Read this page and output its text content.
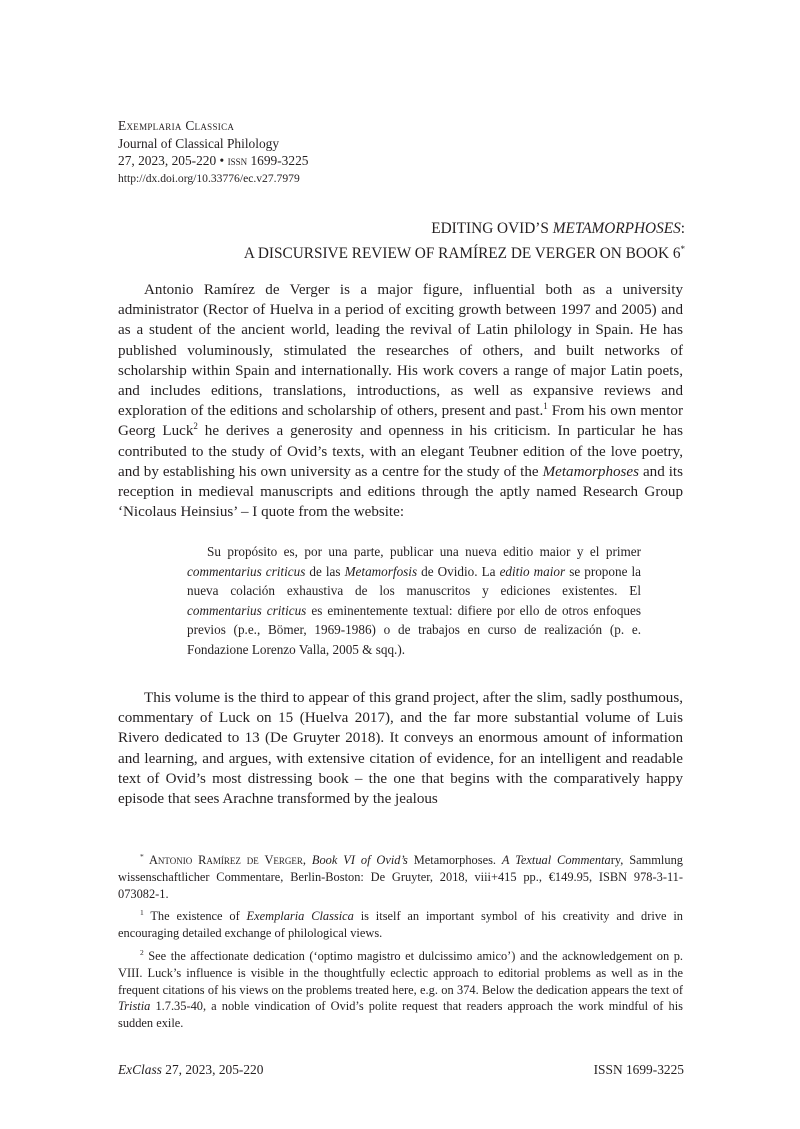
Exemplaria Classica
Journal of Classical Philology
27, 2023, 205-220 • issn 1699-3225
http://dx.doi.org/10.33776/ec.v27.7979
EDITING OVID’S METAMORPHOSES:
A DISCURSIVE REVIEW OF RAMÍREZ DE VERGER ON BOOK 6*

Antonio Ramírez de Verger is a major figure, influential both as a university administrator (Rector of Huelva in a period of exciting growth between 1997 and 2005) and as a student of the ancient world, leading the revival of Latin philology in Spain. He has published voluminously, stimulated the researches of others, and built networks of scholarship within Spain and internationally. His work covers a range of major Latin poets, and includes editions, translations, introductions, as well as expansive reviews and exploration of the editions and scholarship of others, present and past.$^1$ From his own mentor Georg Luck$^2$ he derives a generosity and openness in his criticism. In particular he has contributed to the study of Ovid’s texts, with an elegant Teubner edition of the love poetry, and by establishing his own university as a centre for the study of the Metamorphoses and its reception in medieval manuscripts and editions through the aptly named Research Group ‘Nicolaus Heinsius’ – I quote from the website:

Su propósito es, por una parte, publicar una nueva editio maior y el primer commentarius criticus de las Metamorfosis de Ovidio. La editio maior se propone la nueva colación exhaustiva de los manuscritos y ediciones existentes. El commentarius criticus es eminentemente textual: difiere por ello de otros enfoques previos (p.e., Bömer, 1969-1986) o de trabajos en curso de realización (p. e. Fondazione Lorenzo Valla, 2005 & sqq.).

This volume is the third to appear of this grand project, after the slim, sadly posthumous, commentary of Luck on 15 (Huelva 2017), and the far more substantial volume of Luis Rivero dedicated to 13 (De Gruyter 2018). It conveys an enormous amount of information and learning, and argues, with extensive citation of evidence, for an intelligent and readable text of Ovid’s most distressing book – the one that begins with the comparatively happy episode that sees Arachne transformed by the jealous

* Antonio Ramírez de Verger, Book VI of Ovid’s Metamorphoses. A Textual Commentary, Sammlung wissenschaftlicher Commentare, Berlin-Boston: De Gruyter, 2018, viii+415 pp., €149.95, ISBN 978-3-11-073082-1.

$^1$ The existence of Exemplaria Classica is itself an important symbol of his creativity and drive in encouraging detailed exchange of philological views.

$^2$ See the affectionate dedication (‘optimo magistro et dulcissimo amico’) and the acknowledgement on p. VIII. Luck’s influence is visible in the thoughtfully eclectic approach to editorial problems as well as in the frequent citations of his views on the problems treated here, e.g. on 374. Below the dedication appears the text of Tristia 1.7.35-40, a noble vindication of Ovid’s polite request that readers approach the work mindful of his sudden exile.

ExClass 27, 2023, 205-220	ISSN 1699-3225
